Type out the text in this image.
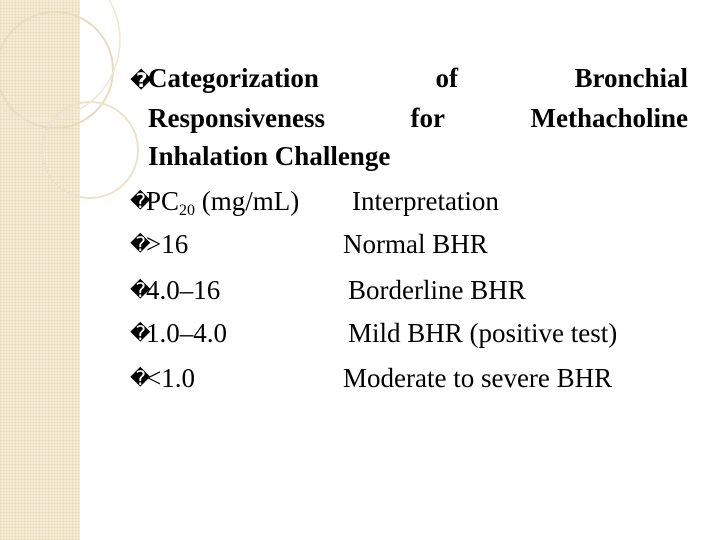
�
Categorization	of	Bronchial
Responsiveness	for	Methacholine
Inhalation Challenge
$�PC_{20}$ (mg/mL) Interpretation
�>16	Normal BHR
�4.0–16	Borderline BHR
�1.0–4.0	Mild BHR (positive test)
�<1.0	Moderate to severe BHR
